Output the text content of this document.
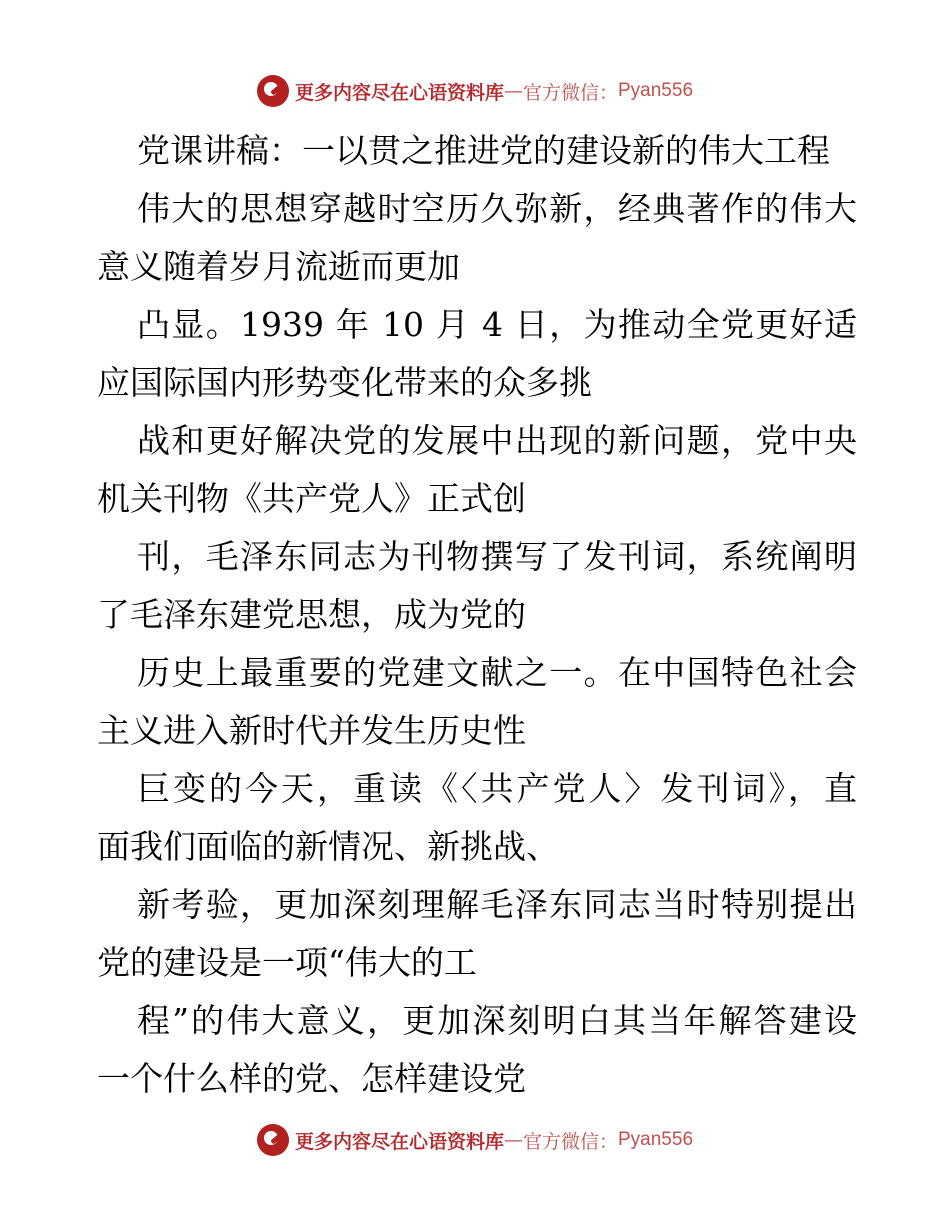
更多内容尽在心语资料库 — 官方微信： Pyan556
党课讲稿：一以贯之推进党的建设新的伟大工程
伟大的思想穿越时空历久弥新，经典著作的伟大
意义随着岁月流逝而更加
凸显。1939 年 10 月 4 日，为推动全党更好适
应国际国内形势变化带来的众多挑
战和更好解决党的发展中出现的新问题，党中央
机关刊物《共产党人》正式创
刊，毛泽东同志为刊物撰写了发刊词，系统阐明
了毛泽东建党思想，成为党的
历史上最重要的党建文献之一。在中国特色社会
主义进入新时代并发生历史性
巨变的今天，重读《〈共产党人〉发刊词》，直
面我们面临的新情况、新挑战、
新考验，更加深刻理解毛泽东同志当时特别提出
党的建设是一项“伟大的工
程”的伟大意义，更加深刻明白其当年解答建设
一个什么样的党、怎样建设党
更多内容尽在心语资料库 — 官方微信： Pyan556
